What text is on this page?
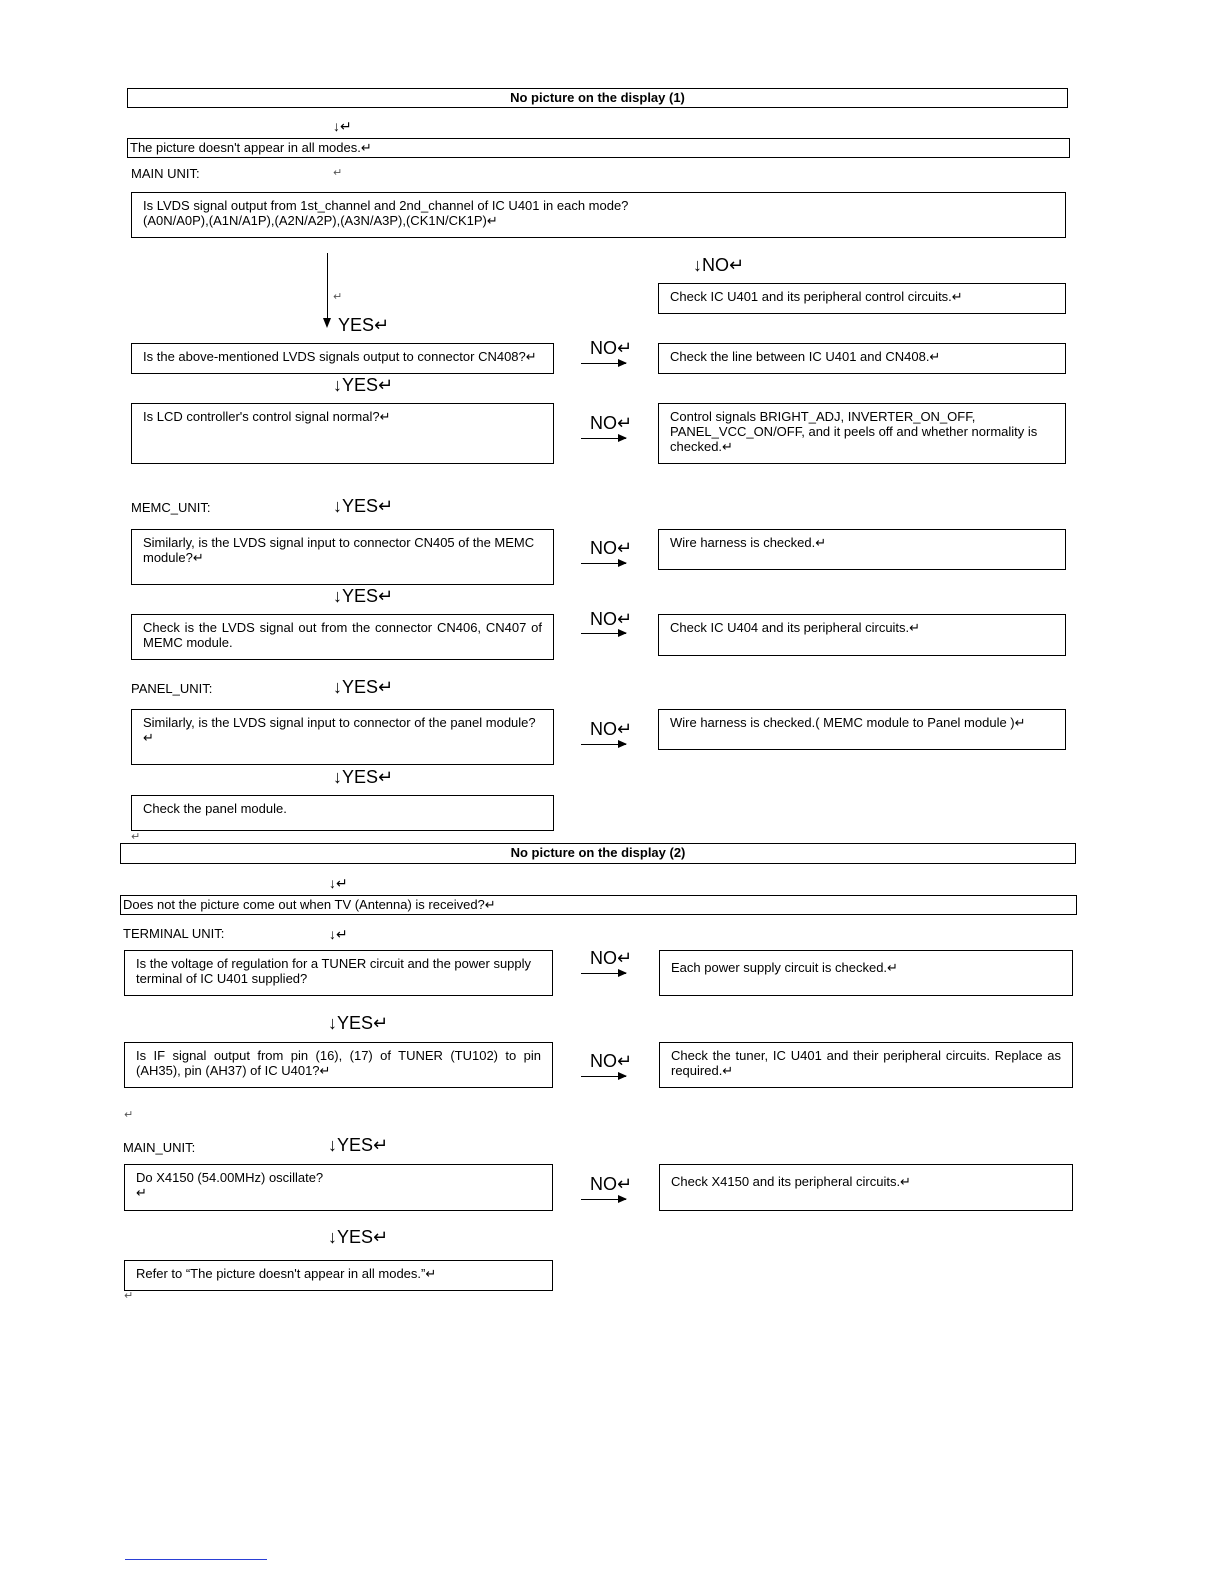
No picture on the display (1)
↓↵
The picture doesn't appear in all modes.↵
MAIN UNIT:	↵
Is LVDS signal output from 1st_channel and 2nd_channel of IC U401 in each mode?
(A0N/A0P),(A1N/A1P),(A2N/A2P),(A3N/A3P),(CK1N/CK1P)↵
↵
↓NO↵
Check IC U401 and its peripheral control circuits.↵
YES↵
Is the above-mentioned LVDS signals output to connector CN408?↵	NO↵	Check the line between IC U401 and CN408.↵
↓YES↵
Is LCD controller's control signal normal?↵	NO↵	Control signals BRIGHT_ADJ, INVERTER_ON_OFF, PANEL_VCC_ON/OFF, and it peels off and whether normality is checked.↵
MEMC_UNIT:	↓YES↵
Similarly, is the LVDS signal input to connector CN405 of the MEMC module?↵	NO↵	Wire harness is checked.↵
↓YES↵
Check is the LVDS signal out from the connector CN406, CN407 of MEMC module.
NO↵	Check IC U404 and its peripheral circuits.↵
PANEL_UNIT:	↓YES↵
Similarly, is the LVDS signal input to connector of the panel module?↵	NO↵	Wire harness is checked.( MEMC module to Panel module )↵
↓YES↵
Check the panel module.
↵
No picture on the display (2)
↓↵
Does not the picture come out when TV (Antenna) is received?↵
TERMINAL UNIT:	↓↵
Is the voltage of regulation for a TUNER circuit and the power supply terminal of IC U401 supplied?
NO↵	Each power supply circuit is checked.↵
↓YES↵
Is IF signal output from pin (16), (17) of TUNER (TU102) to pin (AH35), pin (AH37) of IC U401?↵	NO↵	Check the tuner, IC U401 and their peripheral circuits. Replace as required.↵
↵
MAIN_UNIT:	↓YES↵
Do X4150 (54.00MHz) oscillate?
↵	NO↵	Check X4150 and its peripheral circuits.↵
↓YES↵
Refer to “The picture doesn't appear in all modes.”↵
↵
